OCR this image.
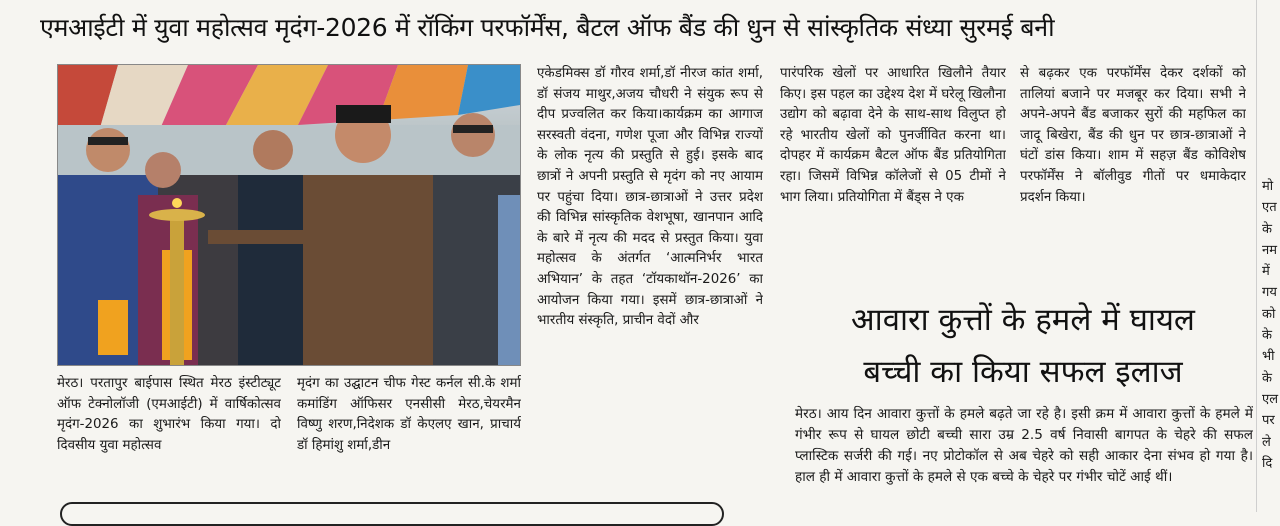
एमआईटी में युवा महोत्सव मृदंग-2026 में रॉकिंग परफॉर्मेंस, बैटल ऑफ बैंड की धुन से सांस्कृतिक संध्या सुरमई बनी

मेरठ। परतापुर बाईपास स्थित मेरठ इंस्टीट्यूट ऑफ टेक्नोलॉजी (एमआईटी) में वार्षिकोत्सव मृदंग-2026 का शुभारंभ किया गया। दो दिवसीय युवा महोत्सव

मृदंग का उद्घाटन चीफ गेस्ट कर्नल सी.के शर्मा कमांडिंग ऑफिसर एनसीसी मेरठ,चेयरमैन विष्णु शरण,निदेशक डॉ केएलए खान, प्राचार्य डॉ हिमांशु शर्मा,डीन

एकेडमिक्स डॉ गौरव शर्मा,डॉ नीरज कांत शर्मा, डॉ संजय माथुर,अजय चौधरी ने संयुक रूप से दीप प्रज्वलित कर किया।कार्यक्रम का आगाज सरस्वती वंदना, गणेश पूजा और विभिन्न राज्यों के लोक नृत्य की प्रस्तुति से हुई। इसके बाद छात्रों ने अपनी प्रस्तुति से मृदंग को नए आयाम पर पहुंचा दिया। छात्र-छात्राओं ने उत्तर प्रदेश की विभिन्न सांस्कृतिक वेशभूषा, खानपान आदि के बारे में नृत्य की मदद से प्रस्तुत किया। युवा महोत्सव के अंतर्गत ‘आत्मनिर्भर भारत अभियान’ के तहत ‘टॉयकाथॉन-2026’ का आयोजन किया गया। इसमें छात्र-छात्राओं ने भारतीय संस्कृति, प्राचीन वेदों और

पारंपरिक खेलों पर आधारित खिलौने तैयार किए। इस पहल का उद्देश्य देश में घरेलू खिलौना उद्योग को बढ़ावा देने के साथ-साथ विलुप्त हो रहे भारतीय खेलों को पुनर्जीवित करना था। दोपहर में कार्यक्रम बैटल ऑफ बैंड प्रतियोगिता रहा। जिसमें विभिन्न कॉलेजों से 05 टीमों ने भाग लिया। प्रतियोगिता में बैंड्स ने एक

से बढ़कर एक परफॉर्मेंस देकर दर्शकों को तालियां बजाने पर मजबूर कर दिया। सभी ने अपने-अपने बैंड बजाकर सुरों की महफिल का जादू बिखेरा, बैंड की धुन पर छात्र-छात्राओं ने घंटों डांस किया। शाम में सहज़ बैंड कोविशेष परफॉर्मेंस ने बॉलीवुड गीतों पर धमाकेदार प्रदर्शन किया।

आवारा कुत्तों के हमले में घायल
बच्ची का किया सफल इलाज

मेरठ। आय दिन आवारा कुत्तों के हमले बढ़ते जा रहे है। इसी क्रम में आवारा कुत्तों के हमले में गंभीर रूप से घायल छोटी बच्ची सारा उम्र 2.5 वर्ष निवासी बागपत के चेहरे की सफल प्लास्टिक सर्जरी की गई। नए प्रोटोकॉल से अब चेहरे को सही आकार देना संभव हो गया है। हाल ही में आवारा कुत्तों के हमले से एक बच्चे के चेहरे पर गंभीर चोटें आई थीं।

मो
एत
के
नम
में
गय
को
के
भी
के
एल
पर
ले
दि
